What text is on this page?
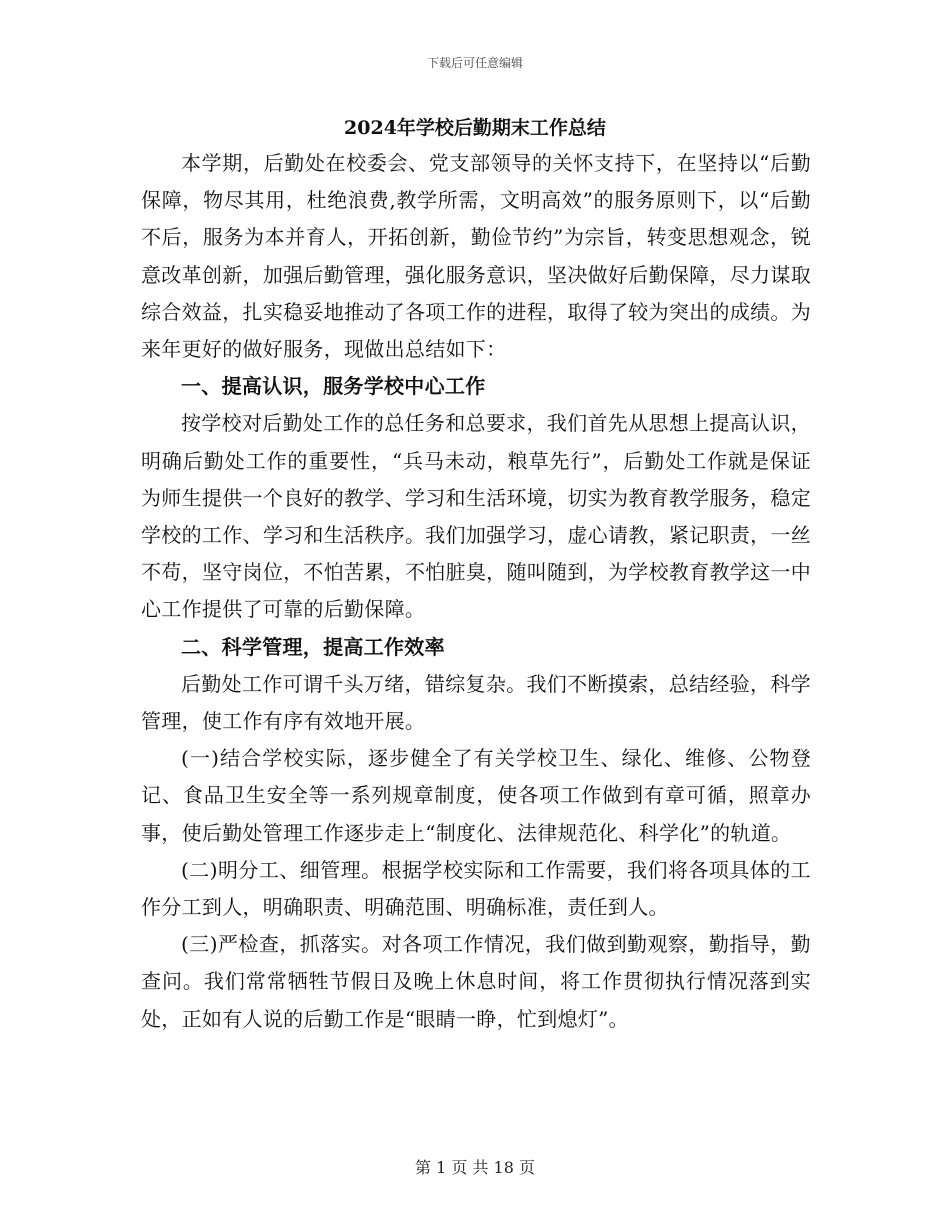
下载后可任意编辑
2024年学校后勤期末工作总结

本学期，后勤处在校委会、党支部领导的关怀支持下，在坚持以“后勤保障，物尽其用，杜绝浪费,教学所需，文明高效”的服务原则下，以“后勤不后，服务为本并育人，开拓创新，勤俭节约”为宗旨，转变思想观念，锐意改革创新，加强后勤管理，强化服务意识，坚决做好后勤保障，尽力谋取综合效益，扎实稳妥地推动了各项工作的进程，取得了较为突出的成绩。为来年更好的做好服务，现做出总结如下：

一、提高认识，服务学校中心工作

按学校对后勤处工作的总任务和总要求，我们首先从思想上提高认识，明确后勤处工作的重要性，“兵马未动，粮草先行”，后勤处工作就是保证为师生提供一个良好的教学、学习和生活环境，切实为教育教学服务，稳定学校的工作、学习和生活秩序。我们加强学习，虚心请教，紧记职责，一丝不苟，坚守岗位，不怕苦累，不怕脏臭，随叫随到，为学校教育教学这一中心工作提供了可靠的后勤保障。

二、科学管理，提高工作效率

后勤处工作可谓千头万绪，错综复杂。我们不断摸索，总结经验，科学管理，使工作有序有效地开展。

(一)结合学校实际，逐步健全了有关学校卫生、绿化、维修、公物登记、食品卫生安全等一系列规章制度，使各项工作做到有章可循，照章办事，使后勤处管理工作逐步走上“制度化、法律规范化、科学化”的轨道。

(二)明分工、细管理。根据学校实际和工作需要，我们将各项具体的工作分工到人，明确职责、明确范围、明确标准，责任到人。

(三)严检查，抓落实。对各项工作情况，我们做到勤观察，勤指导，勤查问。我们常常牺牲节假日及晚上休息时间，将工作贯彻执行情况落到实处，正如有人说的后勤工作是“眼睛一睁，忙到熄灯”。

第 1 页 共 18 页
